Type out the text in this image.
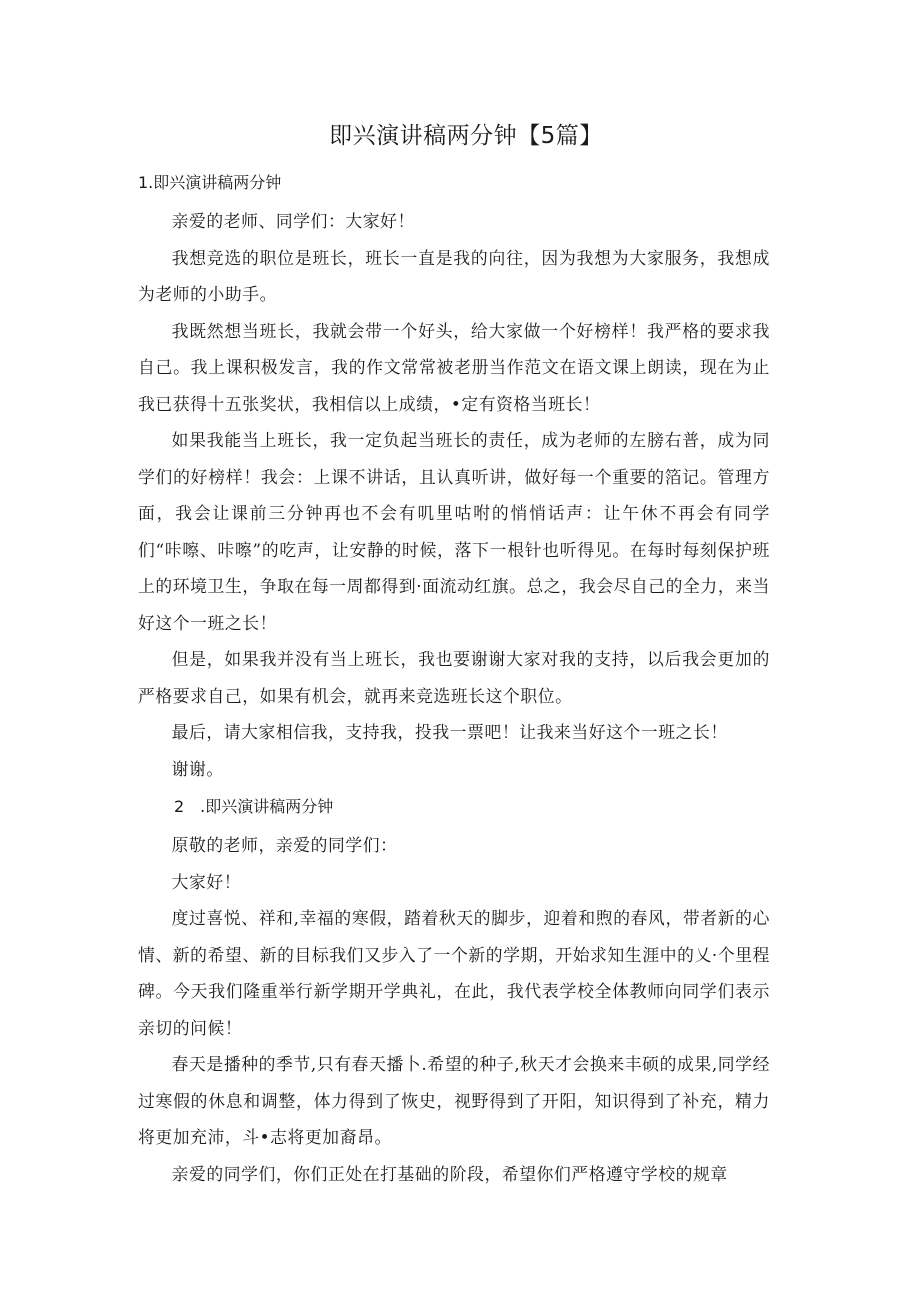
即兴演讲稿两分钟【5篇】

1.即兴演讲稿两分钟

亲爱的老师、同学们：大家好！

我想竞选的职位是班长，班长一直是我的向往，因为我想为大家服务，我想成为老师的小助手。

我既然想当班长，我就会带一个好头，给大家做一个好榜样！我严格的要求我自己。我上课积极发言，我的作文常常被老册当作范文在语文课上朗读，现在为止我已获得十五张奖状，我相信以上成绩，•定有资格当班长！

如果我能当上班长，我一定负起当班长的责任，成为老师的左膀右普，成为同学们的好榜样！我会：上课不讲话，且认真听讲，做好每一个重要的箔记。管理方面，我会让课前三分钟再也不会有叽里咕咐的悄悄话声：让午休不再会有同学们“咔嚓、咔嚓”的吃声，让安静的时候，落下一根针也听得见。在每时每刻保护班上的环境卫生，争取在每一周都得到·面流动红旗。总之，我会尽自己的全力，来当好这个一班之长！

但是，如果我并没有当上班长，我也要谢谢大家对我的支持，以后我会更加的严格要求自己，如果有机会，就再来竞选班长这个职位。

最后，请大家相信我，支持我，投我一票吧！让我来当好这个一班之长！

谢谢。

2　.即兴演讲稿两分钟

原敬的老师，亲爱的同学们：

大家好！

度过喜悦、祥和,幸福的寒假，踏着秋天的脚步，迎着和煦的春风，带者新的心情、新的希望、新的目标我们又步入了一个新的学期，开始求知生涯中的乂·个里程碑。今天我们隆重举行新学期开学典礼，在此，我代表学校全体教师向同学们表示亲切的问候！

春天是播种的季节,只有春天播卜.希望的种子,秋天才会换来丰硕的成果,同学经过寒假的休息和调整，体力得到了恢史，视野得到了开阳，知识得到了补充，精力将更加充沛，斗•志将更加裔昂。

亲爱的同学们，你们正处在打基础的阶段，希望你们严格遵守学校的规章
